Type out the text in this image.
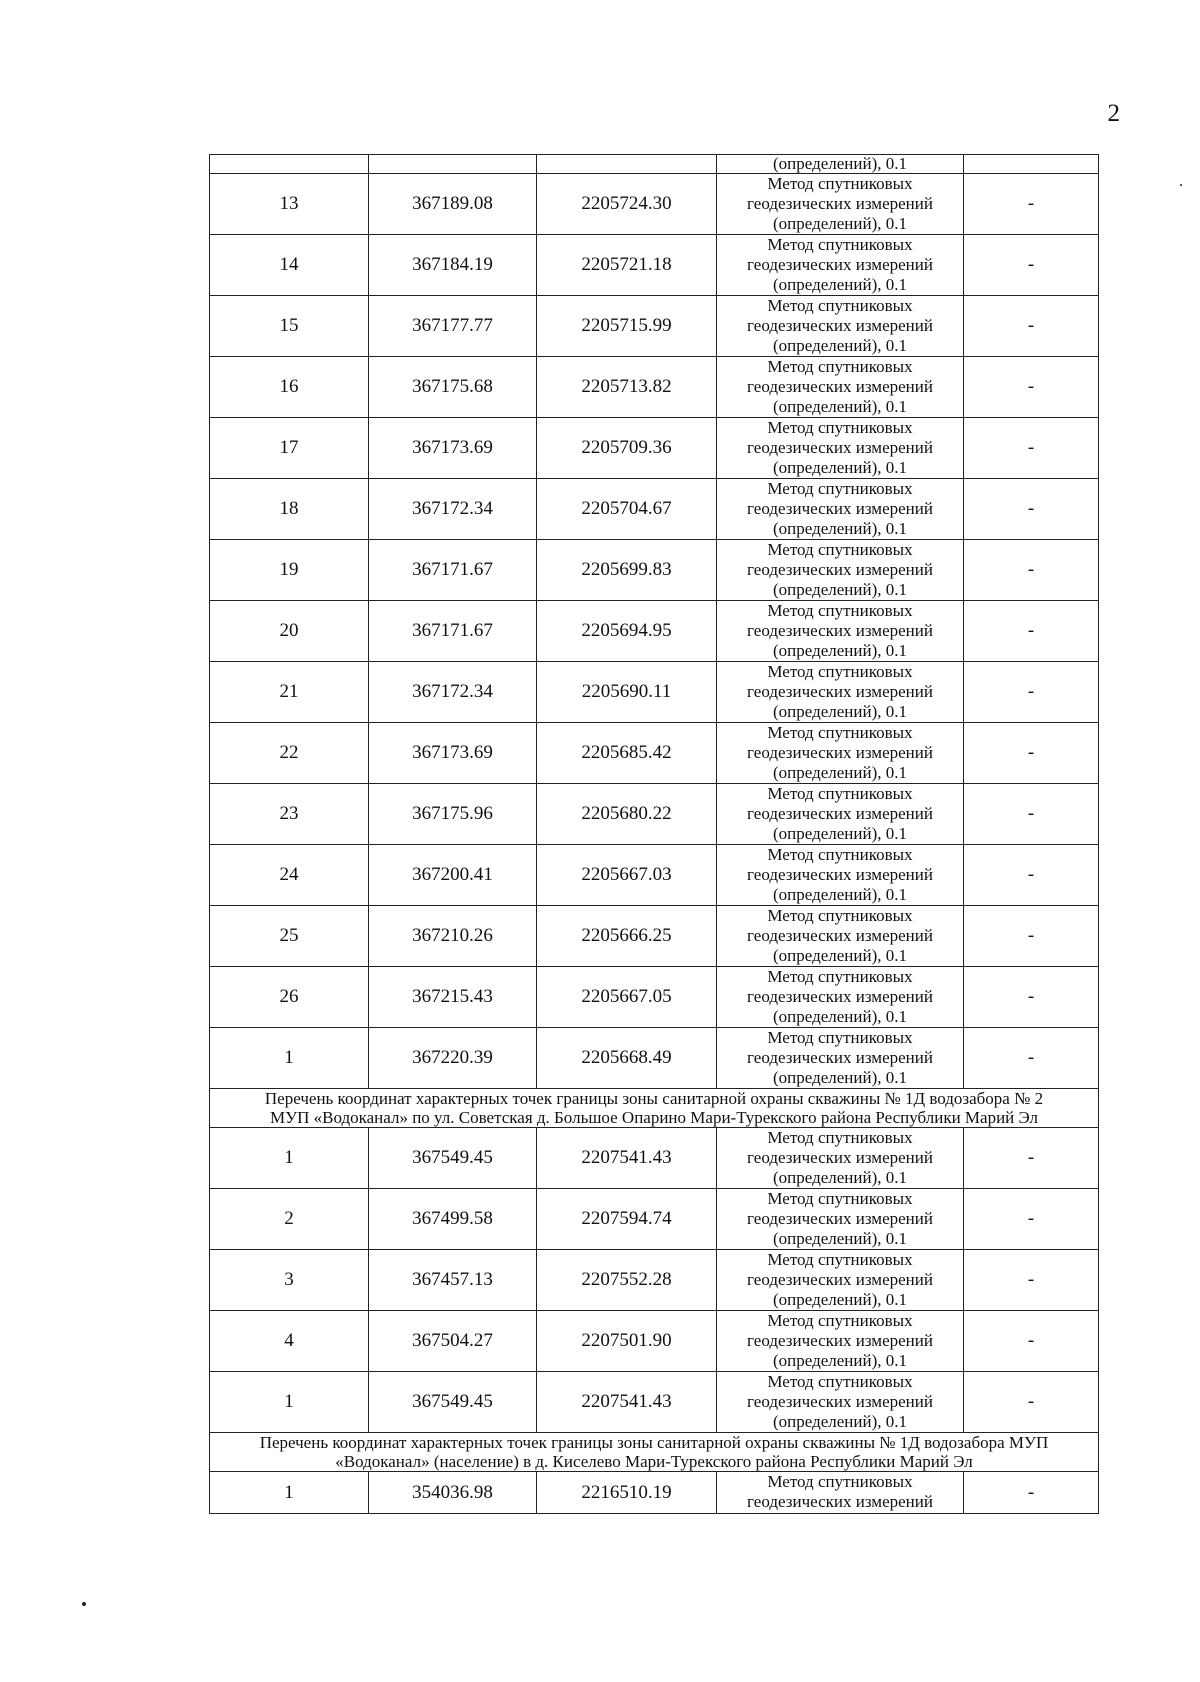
2
			(определений), 0.1	
13	367189.08	2205724.30	Метод спутниковых
геодезических измерений
(определений), 0.1	-
14	367184.19	2205721.18	Метод спутниковых
геодезических измерений
(определений), 0.1	-
15	367177.77	2205715.99	Метод спутниковых
геодезических измерений
(определений), 0.1	-
16	367175.68	2205713.82	Метод спутниковых
геодезических измерений
(определений), 0.1	-
17	367173.69	2205709.36	Метод спутниковых
геодезических измерений
(определений), 0.1	-
18	367172.34	2205704.67	Метод спутниковых
геодезических измерений
(определений), 0.1	-
19	367171.67	2205699.83	Метод спутниковых
геодезических измерений
(определений), 0.1	-
20	367171.67	2205694.95	Метод спутниковых
геодезических измерений
(определений), 0.1	-
21	367172.34	2205690.11	Метод спутниковых
геодезических измерений
(определений), 0.1	-
22	367173.69	2205685.42	Метод спутниковых
геодезических измерений
(определений), 0.1	-
23	367175.96	2205680.22	Метод спутниковых
геодезических измерений
(определений), 0.1	-
24	367200.41	2205667.03	Метод спутниковых
геодезических измерений
(определений), 0.1	-
25	367210.26	2205666.25	Метод спутниковых
геодезических измерений
(определений), 0.1	-
26	367215.43	2205667.05	Метод спутниковых
геодезических измерений
(определений), 0.1	-
1	367220.39	2205668.49	Метод спутниковых
геодезических измерений
(определений), 0.1	-

Перечень координат характерных точек границы зоны санитарной охраны скважины № 1Д водозабора № 2
МУП «Водоканал» по ул. Советская д. Большое Опарино Мари-Турекского района Республики Марий Эл				

1	367549.45	2207541.43	Метод спутниковых
геодезических измерений
(определений), 0.1	-
2	367499.58	2207594.74	Метод спутниковых
геодезических измерений
(определений), 0.1	-
3	367457.13	2207552.28	Метод спутниковых
геодезических измерений
(определений), 0.1	-
4	367504.27	2207501.90	Метод спутниковых
геодезических измерений
(определений), 0.1	-
1	367549.45	2207541.43	Метод спутниковых
геодезических измерений
(определений), 0.1	-

Перечень координат характерных точек границы зоны санитарной охраны скважины № 1Д водозабора МУП
«Водоканал» (население) в д. Киселево Мари-Турекского района Республики Марий Эл				

1	354036.98	2216510.19	Метод спутниковых
геодезических измерений	-
